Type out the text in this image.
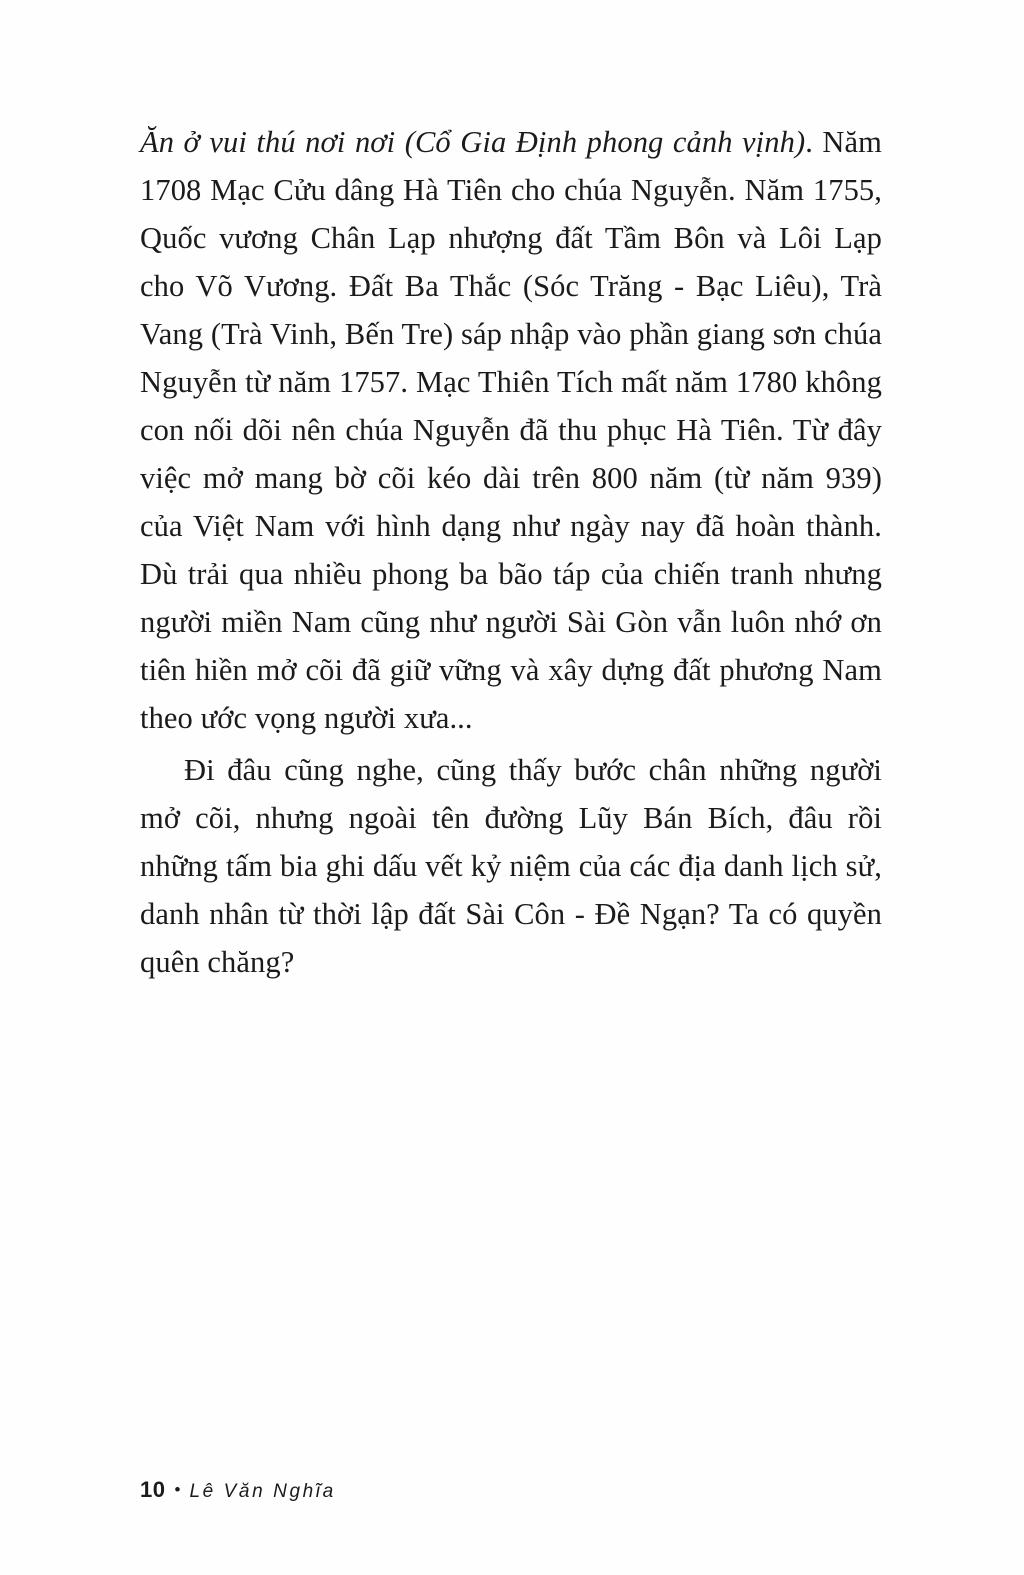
Ăn ở vui thú nơi nơi (Cổ Gia Định phong cảnh vịnh). Năm 1708 Mạc Cửu dâng Hà Tiên cho chúa Nguyễn. Năm 1755, Quốc vương Chân Lạp nhượng đất Tầm Bôn và Lôi Lạp cho Võ Vương. Đất Ba Thắc (Sóc Trăng - Bạc Liêu), Trà Vang (Trà Vinh, Bến Tre) sáp nhập vào phần giang sơn chúa Nguyễn từ năm 1757. Mạc Thiên Tích mất năm 1780 không con nối dõi nên chúa Nguyễn đã thu phục Hà Tiên. Từ đây việc mở mang bờ cõi kéo dài trên 800 năm (từ năm 939) của Việt Nam với hình dạng như ngày nay đã hoàn thành. Dù trải qua nhiều phong ba bão táp của chiến tranh nhưng người miền Nam cũng như người Sài Gòn vẫn luôn nhớ ơn tiên hiền mở cõi đã giữ vững và xây dựng đất phương Nam theo ước vọng người xưa...

Đi đâu cũng nghe, cũng thấy bước chân những người mở cõi, nhưng ngoài tên đường Lũy Bán Bích, đâu rồi những tấm bia ghi dấu vết kỷ niệm của các địa danh lịch sử, danh nhân từ thời lập đất Sài Côn - Đề Ngạn? Ta có quyền quên chăng?

10 • Lê Văn Nghĩa
